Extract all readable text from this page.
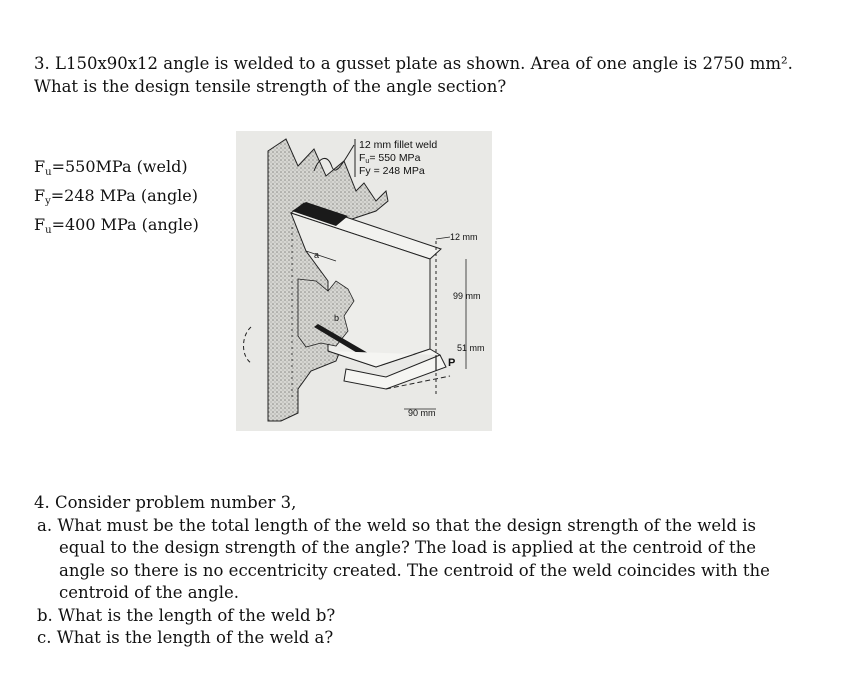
3. L150x90x12 angle is welded to a gusset plate as shown. Area of one angle is 2750 mm². What is the design tensile strength of the angle section?

$F_u=550MPa$ (weld)
$F_y=248$ MPa (angle)
$F_u=400$ MPa (angle)
12 mm fillet weld
Fu= 550 MPa
Fy = 248 MPa
12 mm
99 mm
51 mm
90 mm
a
b
P

4. Consider problem number 3,

a. What must be the total length of the weld so that the design strength of the weld is equal to the design strength of the angle? The load is applied at the centroid of the angle so there is no eccentricity created. The centroid of the weld coincides with the centroid of the angle.

b. What is the length of the weld b?

c. What is the length of the weld a?
